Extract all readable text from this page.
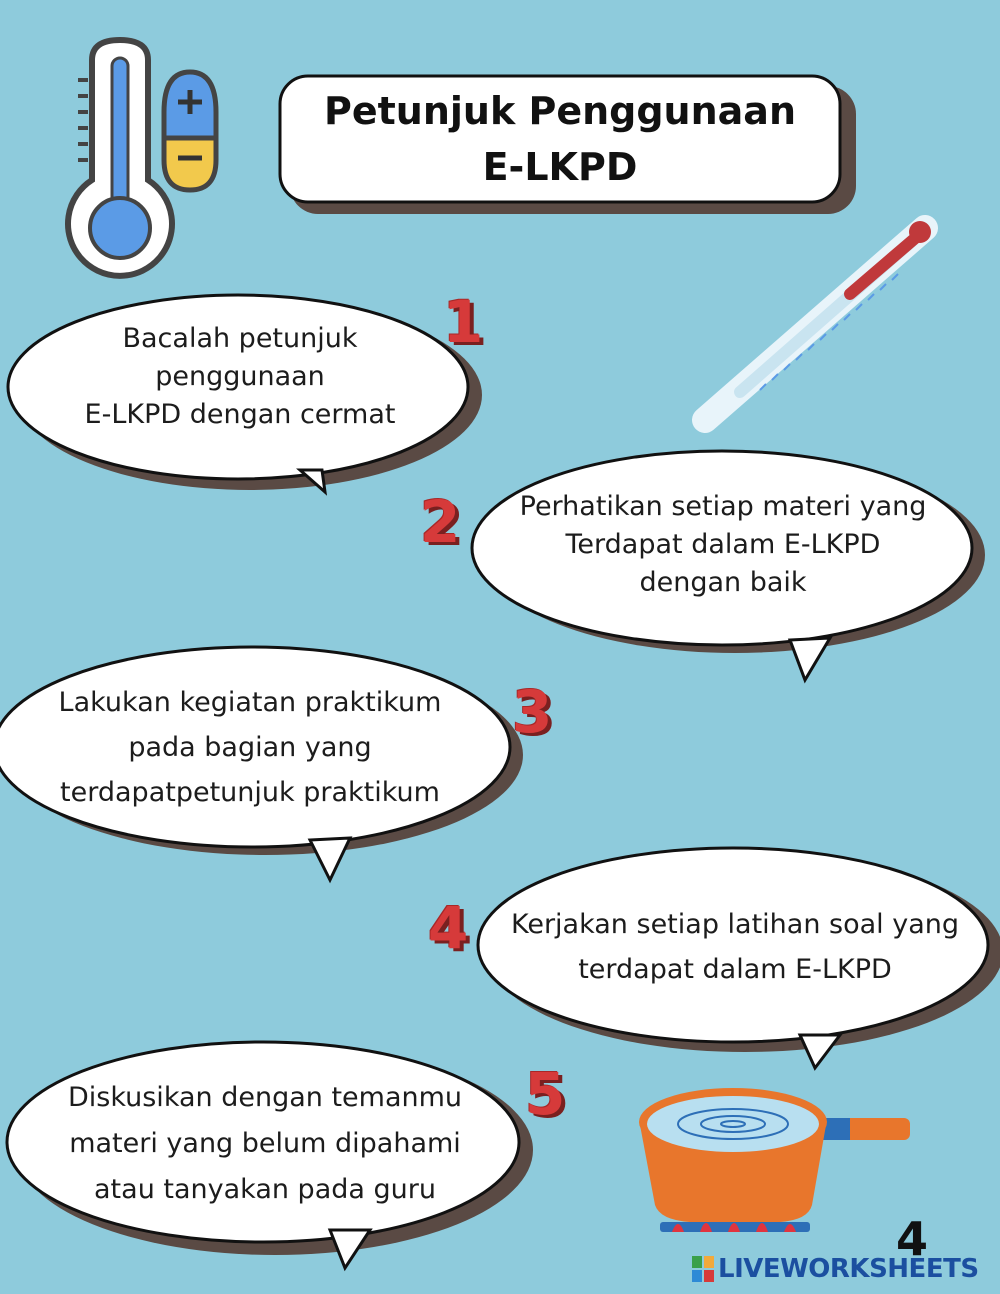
Petunjuk Penggunaan
E-LKPD
1
Bacalah petunjuk
penggunaan
E-LKPD dengan cermat
2	Perhatikan setiap materi yang
Terdapat dalam E-LKPD
dengan baik
3
Lakukan kegiatan praktikum
pada bagian yang
terdapatpetunjuk praktikum
4	Kerjakan setiap latihan soal yang
terdapat dalam E-LKPD
5
Diskusikan dengan temanmu
materi yang belum dipahami
atau tanyakan pada guru
4
LIVEWORKSHEETS
